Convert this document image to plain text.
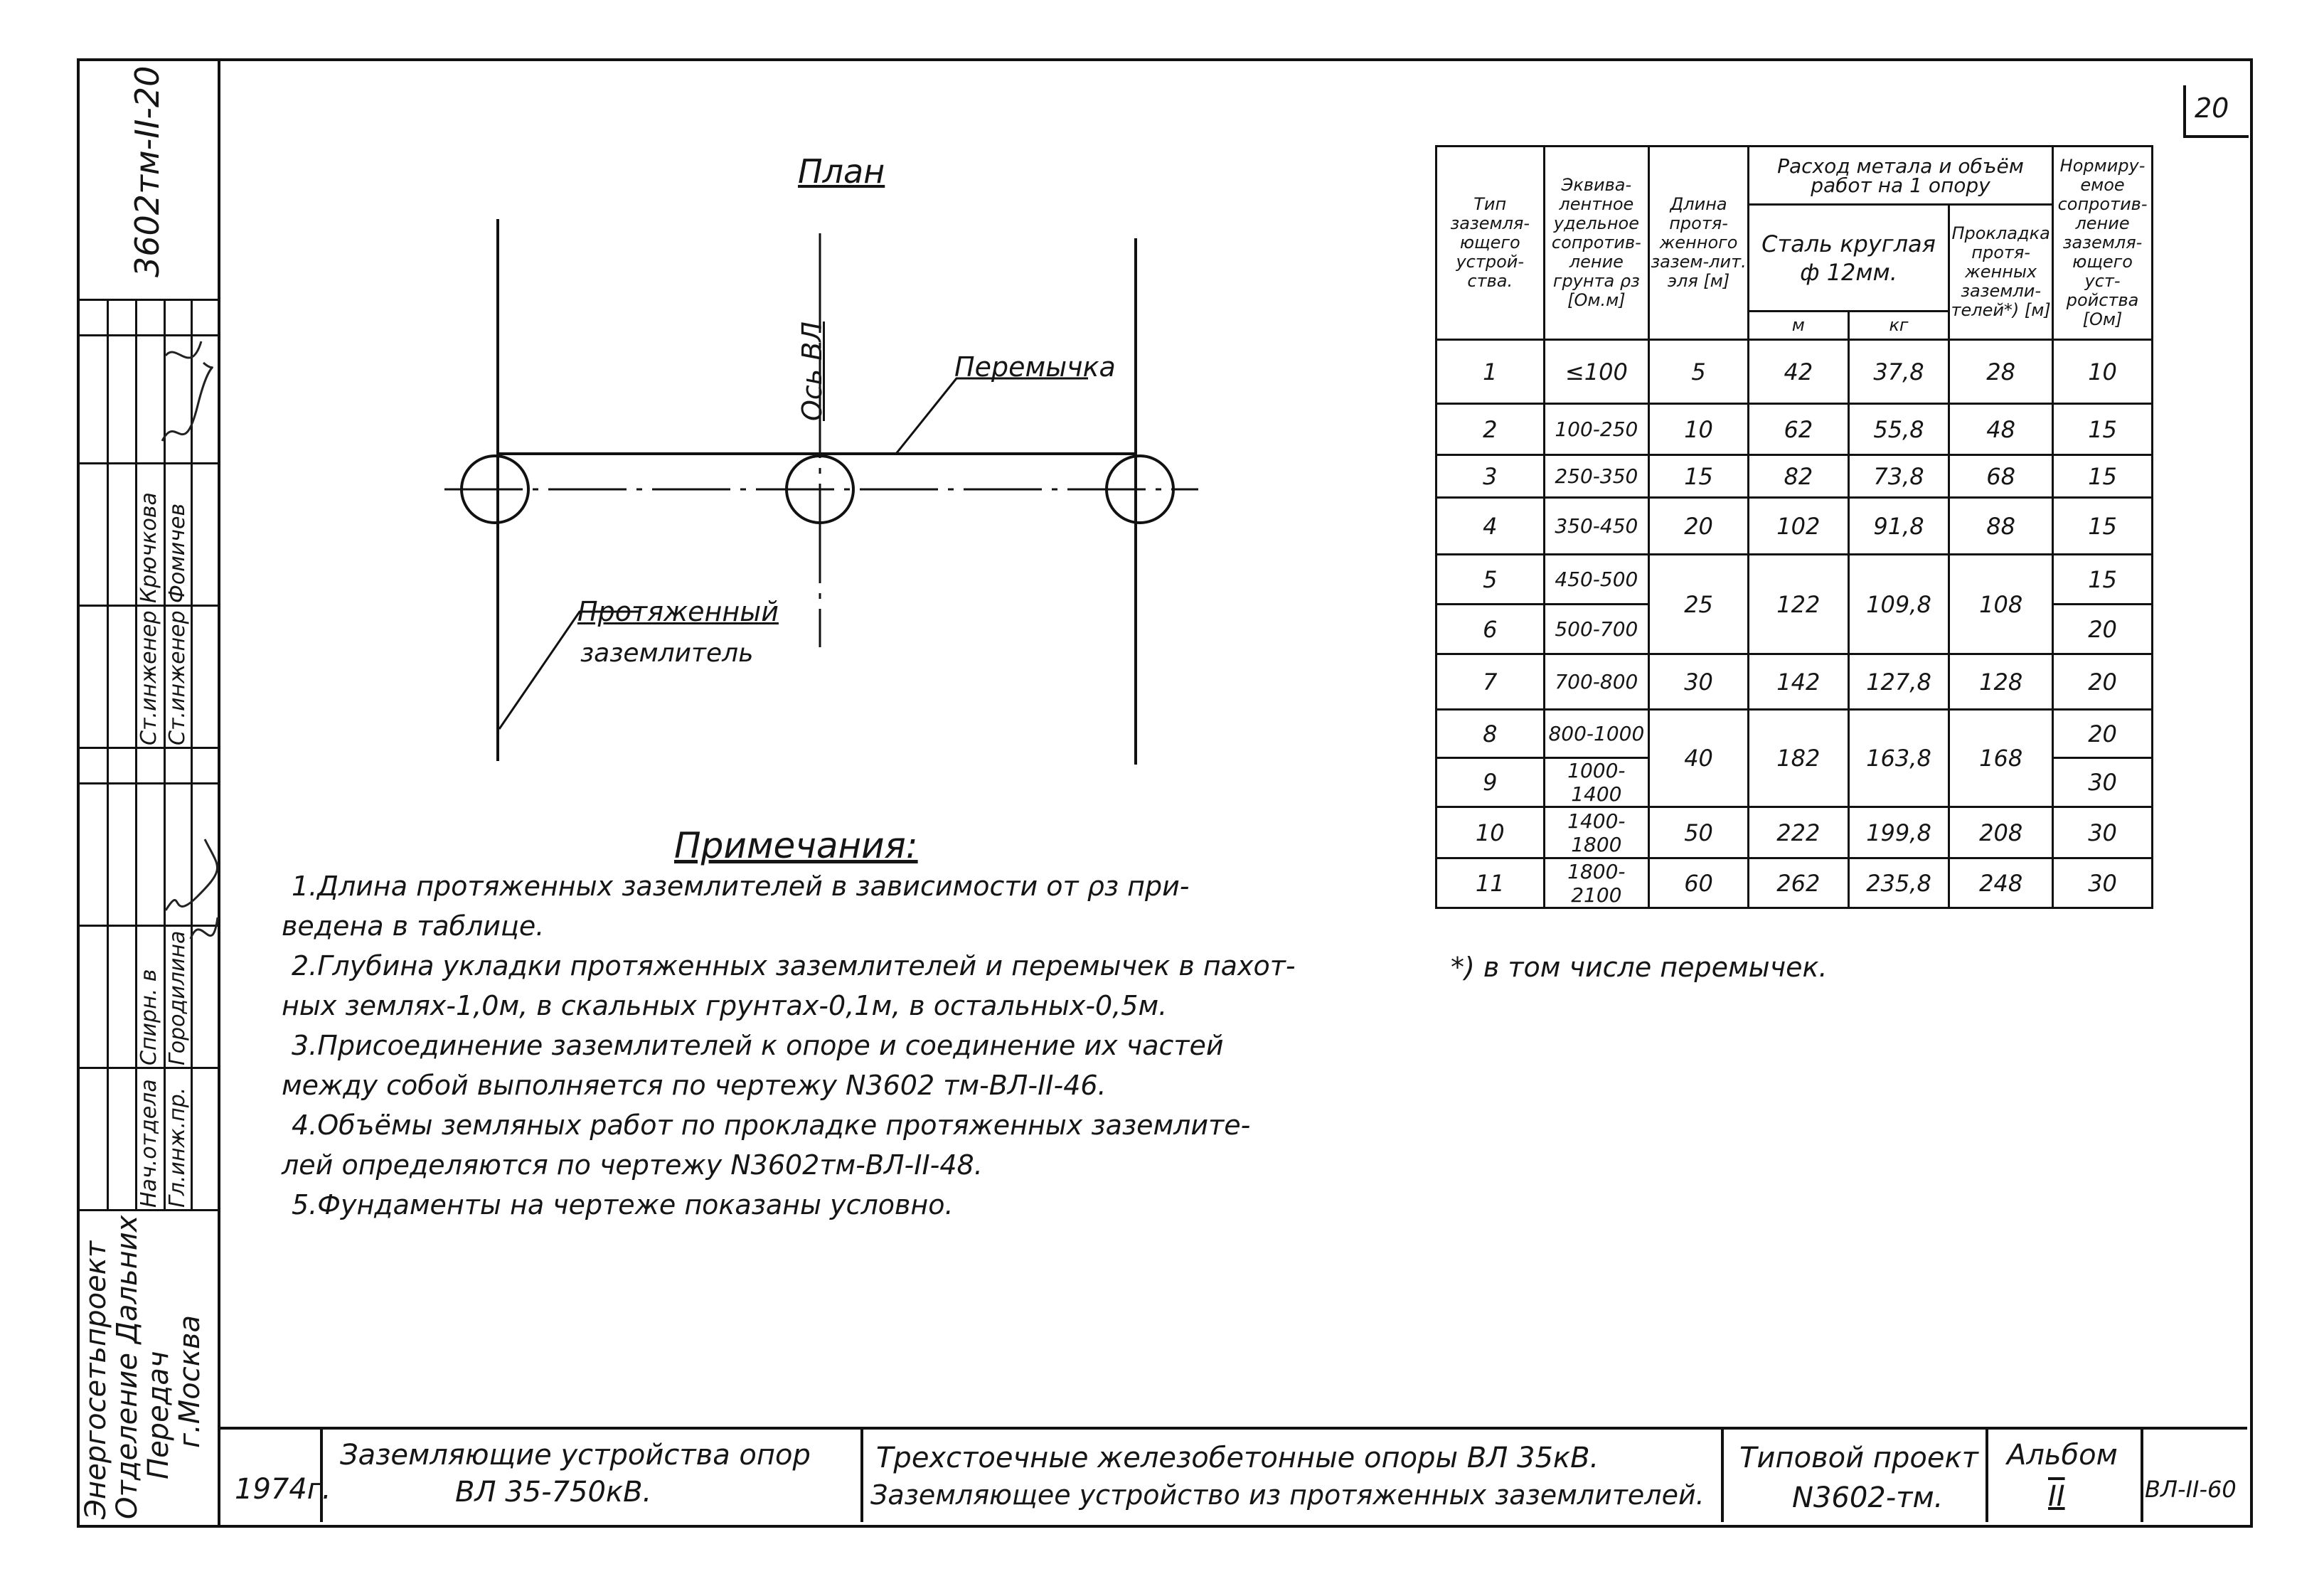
20
3602тм-II-20
Крючкова Фомичев
Ст.инженер Ст.инженер
Спирн. в Городилина
Нач.отдела Гл.инж.пр.
Энергосетьпроект
Отделение Дальних
Передач
г.Москва
План
Ось ВЛ	Перемычка
Протяженный
заземлитель
Примечания:

1.Длина протяженных заземлителей в зависимости от ρз при-

ведена в таблице.

2.Глубина укладки протяженных заземлителей и перемычек в пахот-

ных землях-1,0м, в скальных грунтах-0,1м, в остальных-0,5м.

3.Присоединение заземлителей к опоре и соединение их частей

между собой выполняется по чертежу N3602 тм-ВЛ-II-46.

4.Объёмы земляных работ по прокладке протяженных заземлите-

лей определяются по чертежу N3602тм-ВЛ-II-48.

5.Фундаменты на чертеже показаны условно.

Тип заземля-ющего устрой-ства.	Эквива-лентное удельное сопротив-ление грунта ρз [Ом.м]	Длина протя-женного зазем-лит. эля [м]	Расход метала и объём работ на 1 опору			Нормиру-емое сопротив-ление заземля-ющего уст-ройства [Ом]
			Сталь круглая ф 12мм.		Прокладка протя-женных заземли-телей*) [м]	
			м	кг		
1	≤100	5	42	37,8	28	10
2	100-250	10	62	55,8	48	15
3	250-350	15	82	73,8	68	15
4	350-450	20	102	91,8	88	15
5	450-500	25	122	109,8	108	15
6	500-700					20
7	700-800	30	142	127,8	128	20
8	800-1000	40	182	163,8	168	20
9	1000-1400					30
10	1400-1800	50	222	199,8	208	30
11	1800-2100	60	262	235,8	248	30
*) в том числе перемычек.
1974г.
Заземляющие устройства опор
ВЛ 35-750кВ.
Трехстоечные железобетонные опоры ВЛ 35кВ.
Заземляющее устройство из протяженных заземлителей.
Типовой проект
N3602-тм.
Альбом
II	ВЛ-II-60
